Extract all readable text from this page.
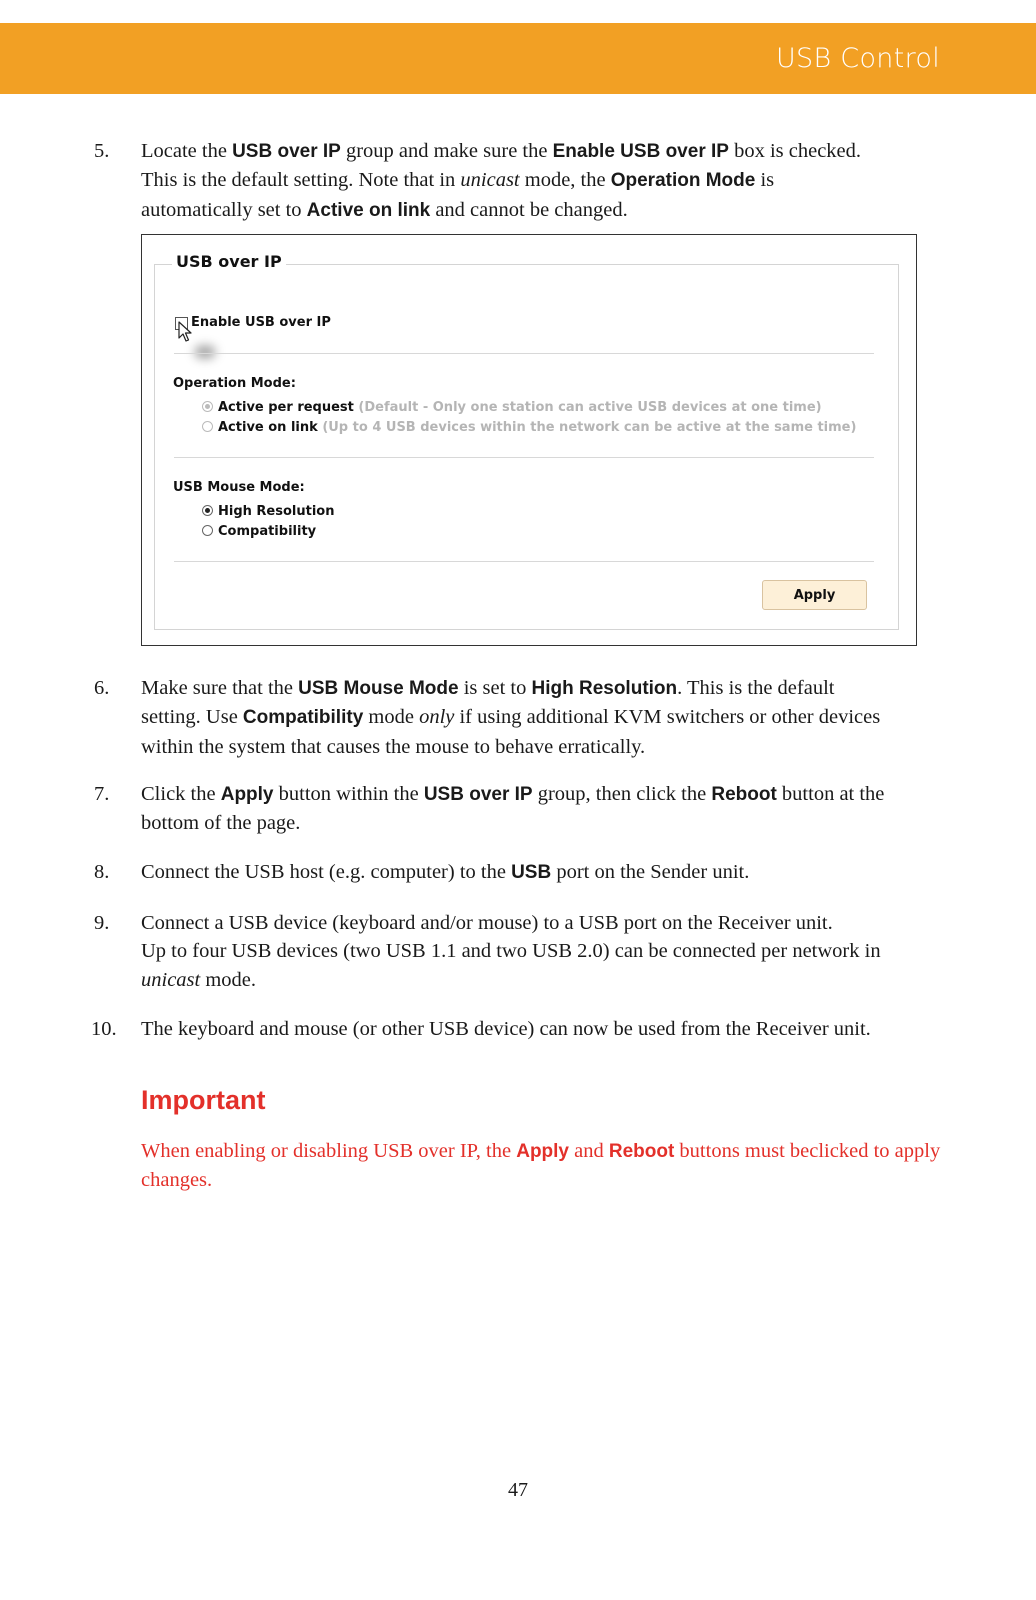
USB Control
5. Locate the USB over IP group and make sure the Enable USB over IP box is checked.
This is the default setting. Note that in unicast mode, the Operation Mode is
automatically set to Active on link and cannot be changed.
USB over IP
Enable USB over IP
Operation Mode:
Active per request (Default - Only one station can active USB devices at one time)
Active on link (Up to 4 USB devices within the network can be active at the same time)
USB Mouse Mode:
High Resolution
Compatibility
Apply
6. Make sure that the USB Mouse Mode is set to High Resolution. This is the default
setting. Use Compatibility mode only if using additional KVM switchers or other devices
within the system that causes the mouse to behave erratically.
7. Click the Apply button within the USB over IP group, then click the Reboot button at the
bottom of the page.
8. Connect the USB host (e.g. computer) to the USB port on the Sender unit.
9. Connect a USB device (keyboard and/or mouse) to a USB port on the Receiver unit.
Up to four USB devices (two USB 1.1 and two USB 2.0) can be connected per network in
unicast mode.
10. The keyboard and mouse (or other USB device) can now be used from the Receiver unit.
Important
When enabling or disabling USB over IP, the Apply and Reboot buttons must beclicked to apply changes.
47
